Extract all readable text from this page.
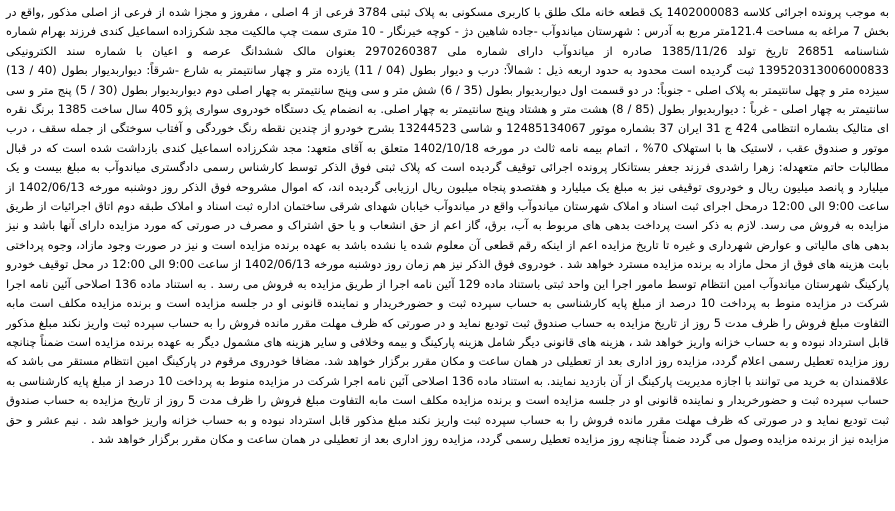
به موجب پرونده اجرائی کلاسه 1402000083 یک قطعه خانه ملک طلق با کاربری مسکونی به پلاک ثبتی 3784 فرعی از 4 اصلی ، مفروز و مجزا شده از فرعی از اصلی مذکور ,واقع در بخش 7 مراغه به مساحت 121.4متر مربع به آدرس : شهرستان میاندوآب -جاده شاهین دژ - کوچه خیرنگار - 10 متری سمت چپ مالکیت مجد شکرزاده اسماعیل کندی فرزند بهرام شماره شناسنامه 26851 تاریخ تولد 1385/11/26 صادره از میاندوآب دارای شماره ملی 2970260387 بعنوان مالک ششدانگ عرصه و اعیان با شماره سند الکترونیکی 139520313006000833 ثبت گردیده است محدود به حدود اربعه ذیل : شمالاً: درب و دیوار بطول (04 / 11) یازده متر و چهار سانتیمتر به شارع -شرقاً: دیواربدیوار بطول (40 / 13) سیزده متر و چهل سانتیمتر به پلاک اصلی - جنوباً: در دو قسمت اول دیواربدیوار بطول (35 / 6) شش متر و سی وپنج سانتیمتر به چهار اصلی دوم دیواربدیوار بطول (30 / 5) پنج متر و سی سانتیمتر به چهار اصلی - غرباً : دیواربدیوار بطول (85 / 8) هشت متر و هشتاد وپنج سانتیمتر به چهار اصلی. به انضمام یک دستگاه خودروی سواری پژو 405 سال ساخت 1385 برنگ نقره ای متالیک بشماره انتظامی 424 ج 31 ایران 37 بشماره موتور 12485134067 و شاسی 13244523 بشرح خودرو از چندین نقطه رنگ خوردگی و آفتاب سوختگی از جمله سقف ، درب موتور و صندوق عقب ، لاستیک ها با استهلاک 70% ، اتمام بیمه نامه ثالث در مورخه 1402/10/18 متعلق به آقای متعهد: مجد شکرزاده اسماعیل کندی بازداشت شده است که در قبال مطالبات حاتم متعهدله: زهرا راشدی فرزند جعفر بستانکار پرونده اجرائی توقیف گردیده است که پلاک ثبتی فوق الذکر توسط کارشناس رسمی دادگستری میاندوآب به مبلغ بیست و یک میلیارد و پانصد میلیون ریال و خودروی توقیفی نیز به مبلغ یک میلیارد و هفتصدو پنجاه میلیون ریال ارزیابی گردیده اند، که اموال مشروحه فوق الذکر روز دوشنبه مورخه 1402/06/13 از ساعت 9:00 الی 12:00 درمحل اجرای ثبت اسناد و املاک شهرستان میاندوآب واقع در میاندوآب خیابان شهدای شرقی ساختمان اداره ثبت اسناد و املاک طبقه دوم اتاق اجرائیات از طریق مزایده به فروش می رسد. لازم به ذکر است پرداخت بدهی های مربوط به آب، برق، گاز اعم از حق انشعاب و یا حق اشتراک و مصرف در صورتی که مورد مزایده دارای آنها باشد و نیز بدهی های مالیاتی و عوارض شهرداری و غیره تا تاریخ مزایده اعم از اینکه رقم قطعی آن معلوم شده یا نشده باشد به عهده برنده مزایده است و نیز در صورت وجود مازاد، وجوه پرداختی بابت هزینه های فوق از محل مازاد به برنده مزایده مسترد خواهد شد . خودروی فوق الذکر نیز هم زمان روز دوشنبه مورخه 1402/06/13 از ساعت 9:00 الی 12:00 در محل توقیف خودرو پارکینگ شهرستان میاندوآب امین انتظام توسط مامور اجرا این واحد ثبتی باستناد ماده 129 آئین نامه اجرا از طریق مزایده به فروش می رسد . به استناد ماده 136 اصلاحی آئین نامه اجرا شرکت در مزایده منوط به پرداخت 10 درصد از مبلغ پایه کارشناسی به حساب سپرده ثبت و حضورخریدار و نماینده قانونی او در جلسه مزایده است و برنده مزایده مکلف است مابه التفاوت مبلغ فروش را ظرف مدت 5 روز از تاریخ مزایده به حساب صندوق ثبت تودیع نماید و در صورتی که ظرف مهلت مقرر مانده فروش را به حساب سپرده ثبت واریز نکند مبلغ مذکور قابل استرداد نبوده و به حساب خزانه واریز خواهد شد ، هزینه های قانونی دیگر شامل هزینه پارکینگ و بیمه وخلافی و سایر هزینه های مشمول دیگر به عهده برنده مزایده است ضمناً چنانچه روز مزایده تعطیل رسمی اعلام گردد، مزایده روز اداری بعد از تعطیلی در همان ساعت و مکان مقرر برگزار خواهد شد. مضافا خودروی مرقوم در پارکینگ امین انتظام مستقر می باشد که علاقمندان به خرید می توانند با اجازه مدیریت پارکینگ از آن بازدید نمایند. به استناد ماده 136 اصلاحی آئین نامه اجرا شرکت در مزایده منوط به پرداخت 10 درصد از مبلغ پایه کارشناسی به حساب سپرده ثبت و حضورخریدار و نماینده قانونی او در جلسه مزایده است و برنده مزایده مکلف است مابه التفاوت مبلغ فروش را ظرف مدت 5 روز از تاریخ مزایده به حساب صندوق ثبت تودیع نماید و در صورتی که ظرف مهلت مقرر مانده فروش را به حساب سپرده ثبت واریز نکند مبلغ مذکور قابل استرداد نبوده و به حساب خزانه واریز خواهد شد . نیم عشر و حق مزایده نیز از برنده مزایده وصول می گردد ضمناً چنانچه روز مزایده تعطیل رسمی گردد، مزایده روز اداری بعد از تعطیلی در همان ساعت و مکان مقرر برگزار خواهد شد .
